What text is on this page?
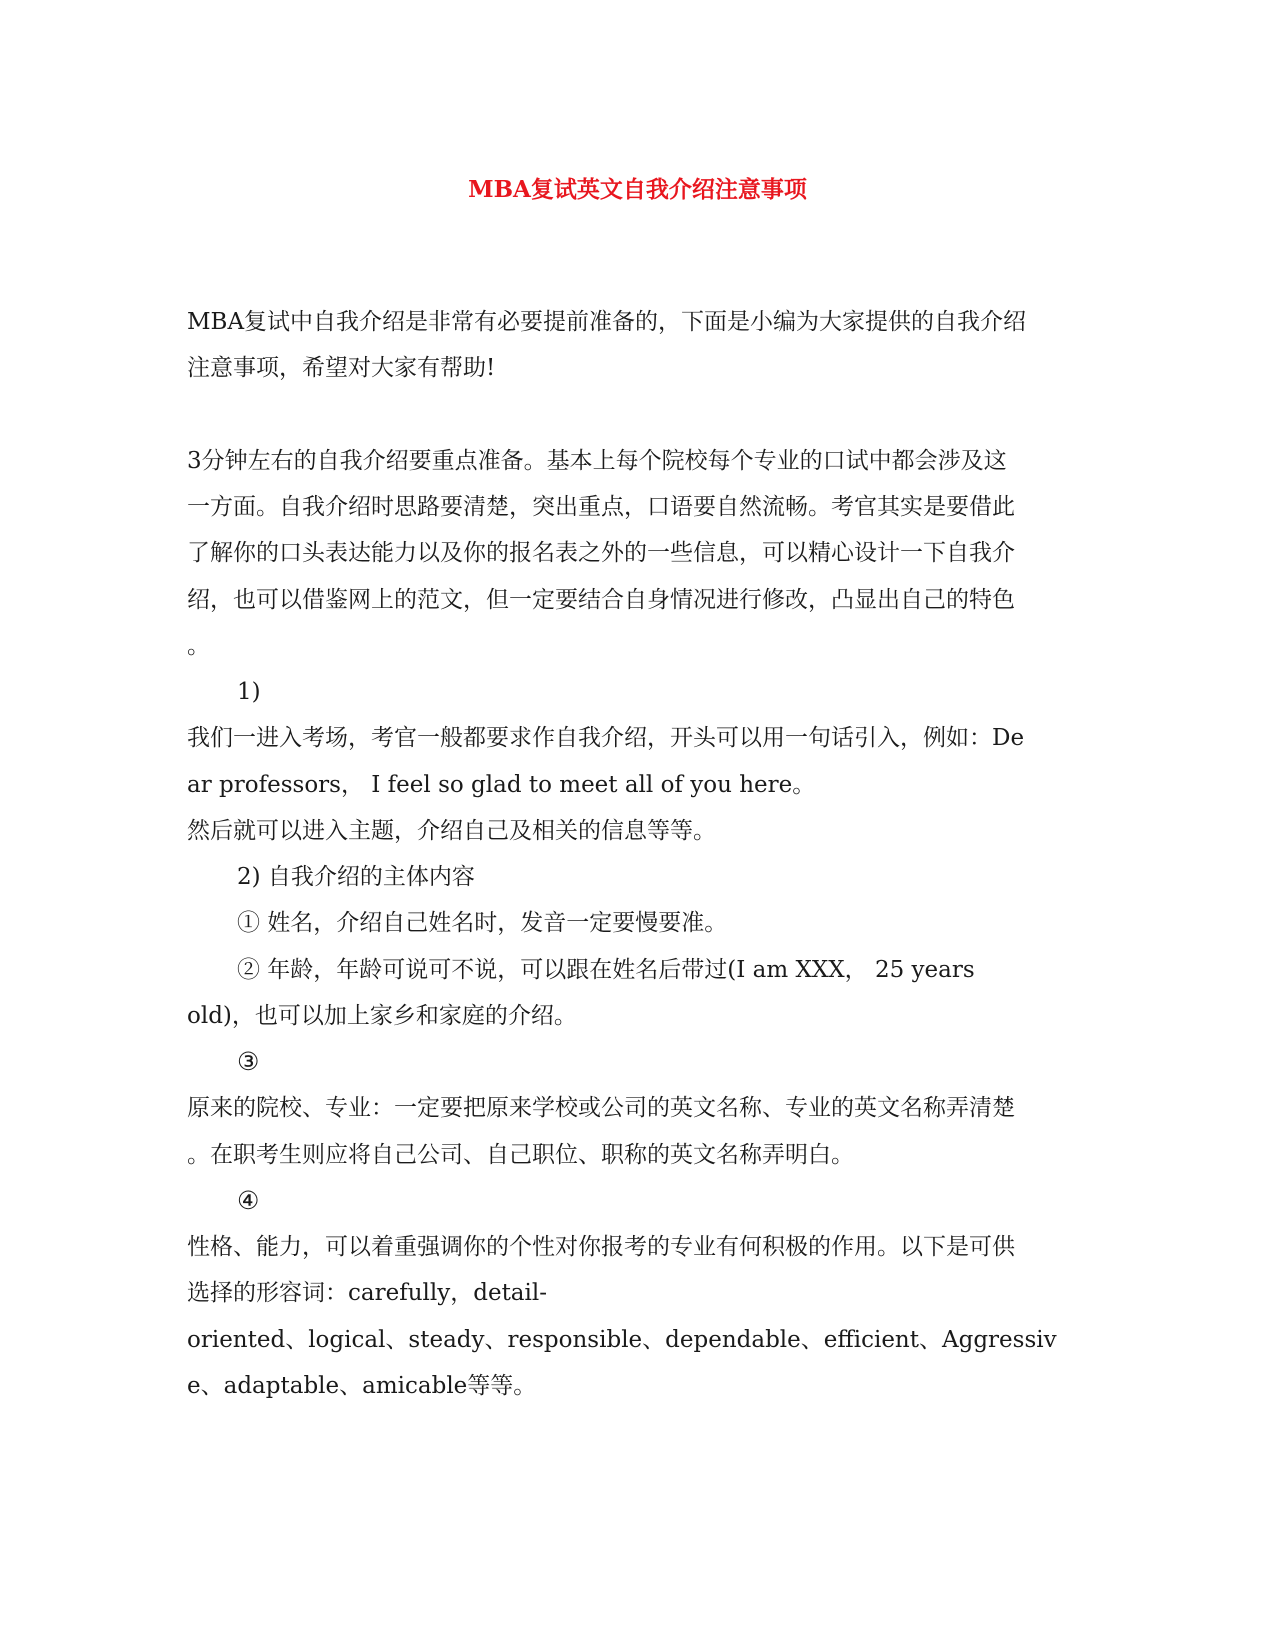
MBA复试英文自我介绍注意事项
MBA复试中自我介绍是非常有必要提前准备的，下面是小编为大家提供的自我介绍
注意事项，希望对大家有帮助!
3分钟左右的自我介绍要重点准备。基本上每个院校每个专业的口试中都会涉及这
一方面。自我介绍时思路要清楚，突出重点，口语要自然流畅。考官其实是要借此
了解你的口头表达能力以及你的报名表之外的一些信息，可以精心设计一下自我介
绍，也可以借鉴网上的范文，但一定要结合自身情况进行修改，凸显出自己的特色
。
1)
我们一进入考场，考官一般都要求作自我介绍，开头可以用一句话引入，例如：De
ar professors， I feel so glad to meet all of you here。
然后就可以进入主题，介绍自己及相关的信息等等。
2) 自我介绍的主体内容
① 姓名，介绍自己姓名时，发音一定要慢要准。
② 年龄，年龄可说可不说，可以跟在姓名后带过(I am XXX， 25 years
old)，也可以加上家乡和家庭的介绍。
③
原来的院校、专业：一定要把原来学校或公司的英文名称、专业的英文名称弄清楚
。在职考生则应将自己公司、自己职位、职称的英文名称弄明白。
④
性格、能力，可以着重强调你的个性对你报考的专业有何积极的作用。以下是可供
选择的形容词：carefully，detail-
oriented、logical、steady、responsible、dependable、efficient、Aggressiv
e、adaptable、amicable等等。
